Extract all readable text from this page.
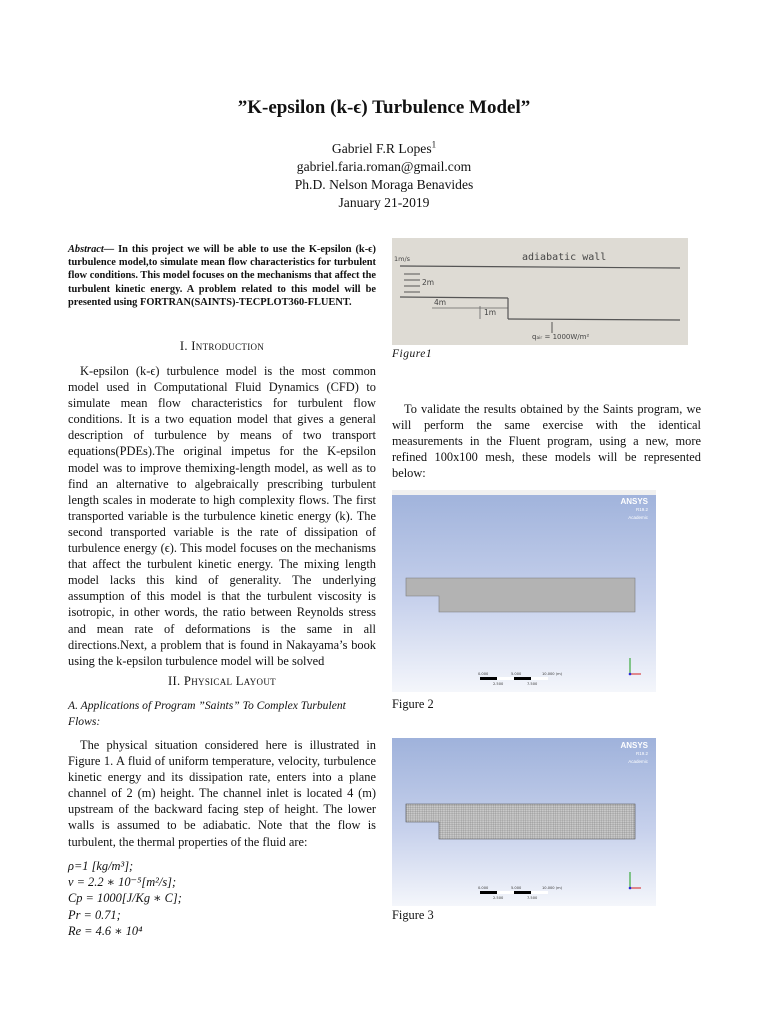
”K-epsilon (k-ϵ) Turbulence Model”
Gabriel F.R Lopes$^1$
gabriel.faria.roman@gmail.com
Ph.D. Nelson Moraga Benavides
January 21-2019
Abstract— In this project we will be able to use the K-epsilon (k-ϵ) turbulence model,to simulate mean flow characteristics for turbulent flow conditions. This model focuses on the mechanisms that affect the turbulent kinetic energy. A problem related to this model will be presented using FORTRAN(SAINTS)-TECPLOT360-FLUENT.
I. Introduction

K-epsilon (k-ϵ) turbulence model is the most common model used in Computational Fluid Dynamics (CFD) to simulate mean flow characteristics for turbulent flow conditions. It is a two equation model that gives a general description of turbulence by means of two transport equations(PDEs).The original impetus for the K-epsilon model was to improve themixing-length model, as well as to find an alternative to algebraically prescribing turbulent length scales in moderate to high complexity flows. The first transported variable is the turbulence kinetic energy (k). The second transported variable is the rate of dissipation of turbulence energy (ϵ). This model focuses on the mechanisms that affect the turbulent kinetic energy. The mixing length model lacks this kind of generality. The underlying assumption of this model is that the turbulent viscosity is isotropic, in other words, the ratio between Reynolds stress and mean rate of deformations is the same in all directions.Next, a problem that is found in Nakayama’s book using the k-epsilon turbulence model will be solved

II. Physical Layout
A. Applications of Program ”Saints” To Complex Turbulent Flows:

The physical situation considered here is illustrated in Figure 1. A fluid of uniform temperature, velocity, turbulence kinetic energy and its dissipation rate, enters into a plane channel of 2 (m) height. The channel inlet is located 4 (m) upstream of the backward facing step of height. The lower walls is assumed to be adiabatic. Note that the flow is turbulent, the thermal properties of the fluid are:

ρ=1 [kg/m³];
v = 2.2 ∗ 10⁻⁵[m²/s];
Cp = 1000[J/Kg ∗ C];
Pr = 0.71;
Re = 4.6 ∗ 10⁴
adiabatic wall
1m/s
2m
4m
1m
qₐᵢᵣ = 1000W/m²
Figure1

To validate the results obtained by the Saints program, we will perform the same exercise with the identical measurements in the Fluent program, using a new, more refined 100x100 mesh, these models will be represented below:

ANSYS
R19.2
Academic
0.000	5.000	10.000 (m)
2.500	7.500
Figure 2
ANSYS
R19.2
Academic
0.000	5.000	10.000 (m)
2.500	7.500
Figure 3
